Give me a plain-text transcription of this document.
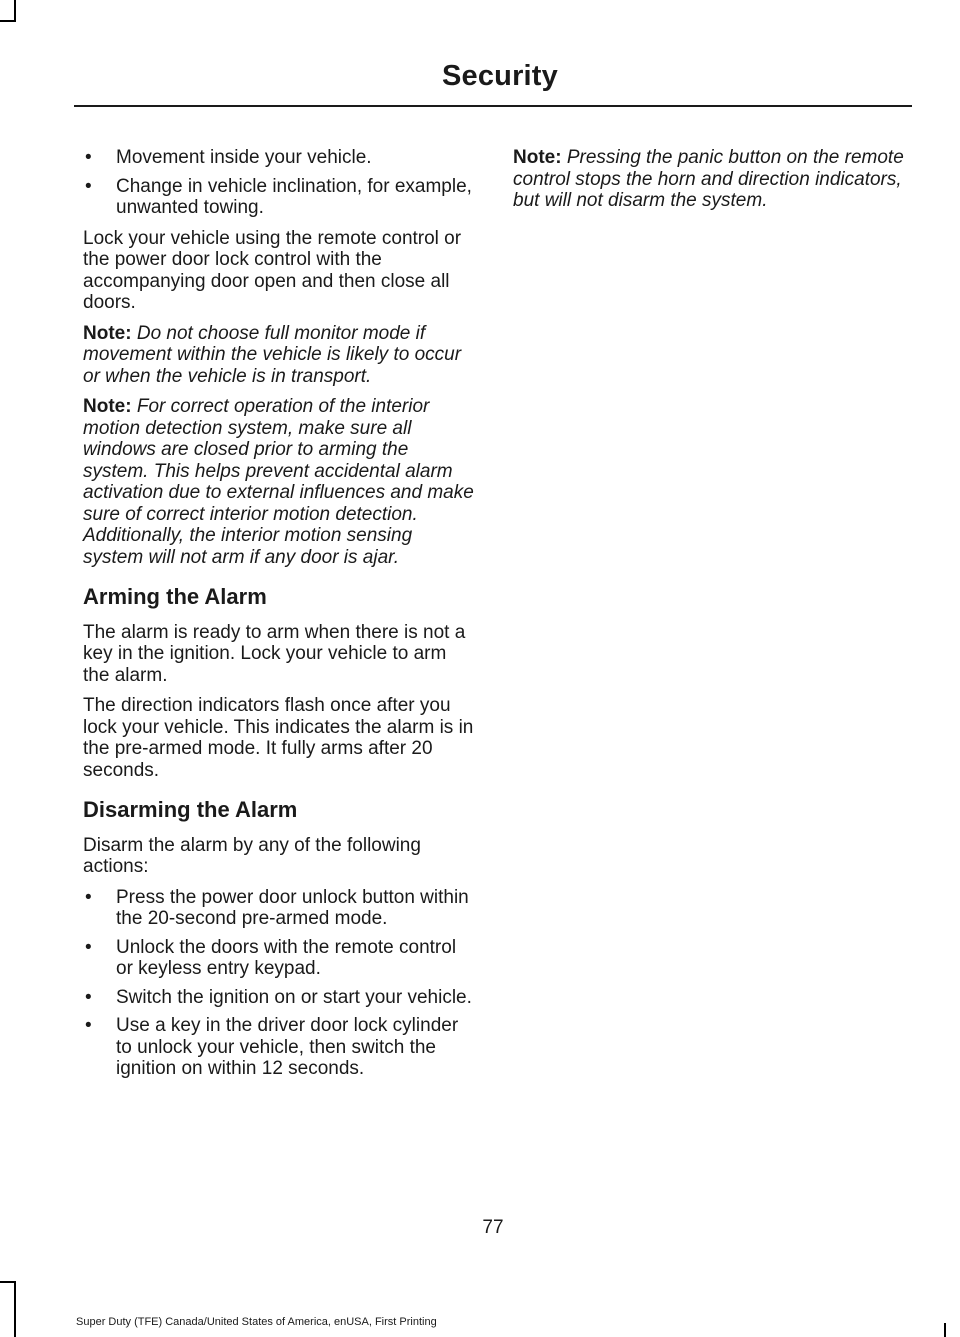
Security
• Movement inside your vehicle.
• Change in vehicle inclination, for example, unwanted towing.

Lock your vehicle using the remote control or the power door lock control with the accompanying door open and then close all doors.

Note: Do not choose full monitor mode if movement within the vehicle is likely to occur or when the vehicle is in transport.

Note: For correct operation of the interior motion detection system, make sure all windows are closed prior to arming the system. This helps prevent accidental alarm activation due to external influences and make sure of correct interior motion detection. Additionally, the interior motion sensing system will not arm if any door is ajar.

Arming the Alarm

The alarm is ready to arm when there is not a key in the ignition. Lock your vehicle to arm the alarm.

The direction indicators flash once after you lock your vehicle. This indicates the alarm is in the pre-armed mode. It fully arms after 20 seconds.

Disarming the Alarm

Disarm the alarm by any of the following actions:

• Press the power door unlock button within the 20-second pre-armed mode.
• Unlock the doors with the remote control or keyless entry keypad.
• Switch the ignition on or start your vehicle.
• Use a key in the driver door lock cylinder to unlock your vehicle, then switch the ignition on within 12 seconds.

Note: Pressing the panic button on the remote control stops the horn and direction indicators, but will not disarm the system.

77
Super Duty (TFE) Canada/United States of America, enUSA, First Printing
